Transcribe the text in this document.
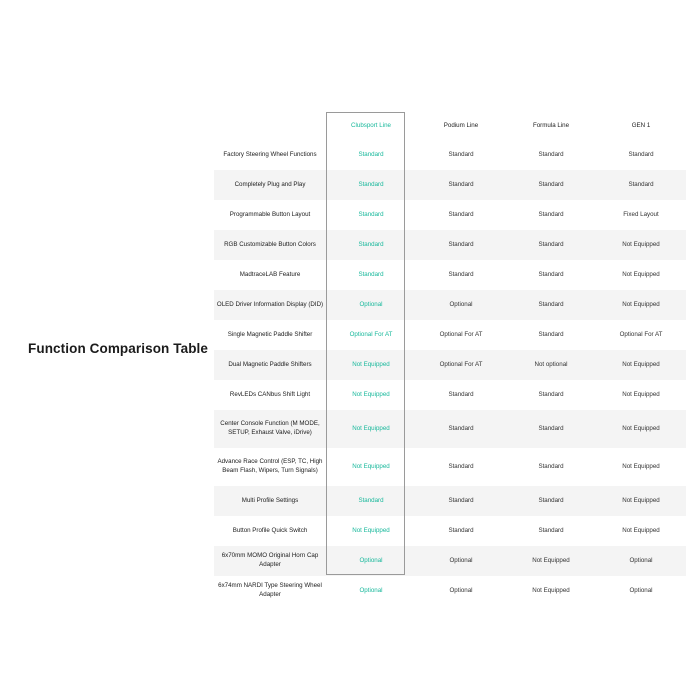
Function Comparison Table
	Clubsport Line	Podium Line	Formula Line	GEN 1
Factory Steering Wheel Functions	Standard	Standard	Standard	Standard
Completely Plug and Play	Standard	Standard	Standard	Standard
Programmable Button Layout	Standard	Standard	Standard	Fixed Layout
RGB Customizable Button Colors	Standard	Standard	Standard	Not Equipped
MadtraceLAB Feature	Standard	Standard	Standard	Not Equipped
OLED Driver Information Display (DID)	Optional	Optional	Standard	Not Equipped
Single Magnetic Paddle Shifter	Optional For AT	Optional For AT	Standard	Optional For AT
Dual Magnetic Paddle Shifters	Not Equipped	Optional For AT	Not optional	Not Equipped
RevLEDs CANbus Shift Light	Not Equipped	Standard	Standard	Not Equipped
Center Console Function (M MODE, SETUP, Exhaust Valve, iDrive)	Not Equipped	Standard	Standard	Not Equipped
Advance Race Control (ESP, TC, High Beam Flash, Wipers, Turn Signals)	Not Equipped	Standard	Standard	Not Equipped
Multi Profile Settings	Standard	Standard	Standard	Not Equipped
Button Profile Quick Switch	Not Equipped	Standard	Standard	Not Equipped
6x70mm MOMO Original Horn Cap Adapter	Optional	Optional	Not Equipped	Optional
6x74mm NARDI Type Steering Wheel Adapter	Optional	Optional	Not Equipped	Optional
